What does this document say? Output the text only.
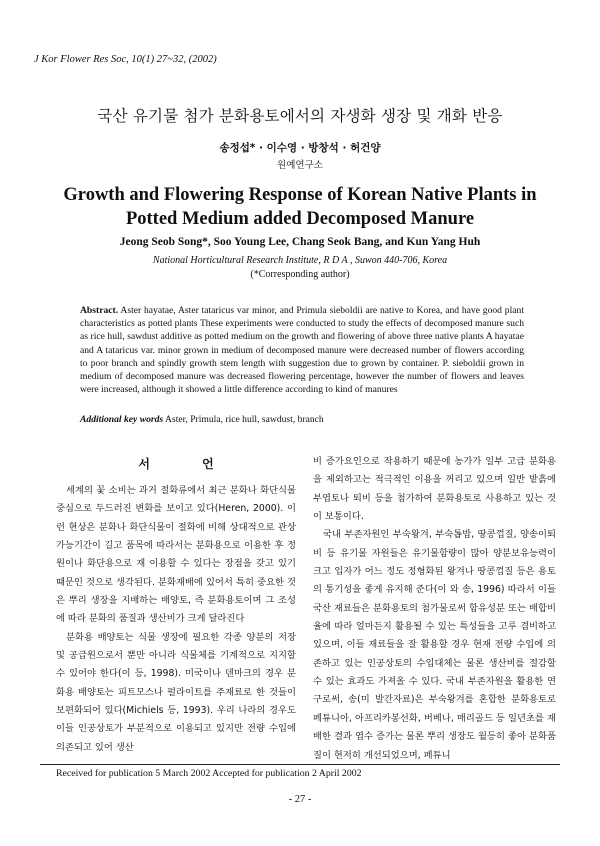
J Kor Flower Res Soc, 10(1) 27~32, (2002)
국산 유기물 첨가 분화용토에서의 자생화 생장 및 개화 반응
송정섭* · 이수영 · 방창석 · 허건양
원예연구소
Growth and Flowering Response of Korean Native Plants in Potted Medium added Decomposed Manure
Jeong Seob Song*, Soo Young Lee, Chang Seok Bang, and Kun Yang Huh
National Horticultural Research Institute, R D A , Suwon 440-706, Korea
(*Corresponding author)
Abstract. Aster hayatae, Aster tataricus var minor, and Primula sieboldii are native to Korea, and have good plant characteristics as potted plants These experiments were conducted to study the effects of decomposed manure such as rice hull, sawdust additive as potted medium on the growth and flowering of above three native plants A hayatae and A tataricus var. minor grown in medium of decomposed manure were decreased number of flowers according to poor branch and spindly growth stem length with suggestion due to grown by container. P. sieboldii grown in medium of decomposed manure was decreased flowering percentage, however the number of flowers and leaves were increased, although it showed a little difference according to kind of manures
Additional key words Aster, Primula, rice hull, sawdust, branch
서 언

세계의 꽃 소비는 과거 절화류에서 최근 분화나 화단식물 중심으로 두드러진 변화를 보이고 있다(Heren, 2000). 이런 현상은 분화나 화단식물이 절화에 비해 상대적으로 관상 가능기간이 길고 품목에 따라서는 분화용으로 이용한 후 정원이나 화단용으로 재 이용할 수 있다는 장점을 갖고 있기 때문인 것으로 생각된다. 분화재배에 있어서 특히 중요한 것은 뿌리 생장을 지배하는 배양토, 즉 분화용토이며 그 조성에 따라 분화의 품질과 생산비가 크게 달라진다

분화용 배양토는 식물 생장에 필요한 각종 양분의 저장 및 공급원으로서 뿐만 아니라 식물체를 기계적으로 지지할 수 있어야 한다(이 등, 1998). 미국이나 덴마크의 경우 분화용 배양토는 피트모스나 펄라이트를 주재료로 한 것들이 보편화되어 있다(Michiels 등, 1993). 우리 나라의 경우도 이들 인공상토가 부분적으로 이용되고 있지만 전량 수입에 의존되고 있어 생산

비 증가요인으로 작용하기 때문에 농가가 일부 고급 분화용을 제외하고는 적극적인 이용을 꺼리고 있으며 일반 밭흙에 부엽토나 퇴비 등을 첨가하여 분화용토로 사용하고 있는 것이 보통이다.

국내 부존자원인 부숙왕겨, 부숙톱밥, 땅콩껍질, 양송이퇴비 등 유기물 자원들은 유기물함량이 많아 양분보유능력이 크고 입자가 어느 정도 정형화된 왕겨나 땅콩껍질 등은 용토의 통기성을 좋게 유지해 준다(이 와 송, 1996) 따라서 이들 국산 재료들은 분화용토의 첨가물로써 함유성분 또는 배합비율에 따라 얼마든지 활용될 수 있는 특성들을 고루 겸비하고 있으며, 이들 재료들을 잘 활용할 경우 현재 전량 수입에 의존하고 있는 인공상토의 수입대체는 물론 생산비를 절감할 수 있는 효과도 가져올 수 있다. 국내 부존자원을 활용한 연구로써, 송(미 발간자료)은 부숙왕겨를 혼합한 분화용토로 페튜니아, 아프리카봉선화, 버베나, 매리골드 등 일년초를 재배한 결과 엽수 증가는 물론 뿌리 생장도 월등히 좋아 분화품질이 현저히 개선되었으며, 페튜니

Received for publication 5 March 2002 Accepted for publication 2 April 2002
- 27 -
